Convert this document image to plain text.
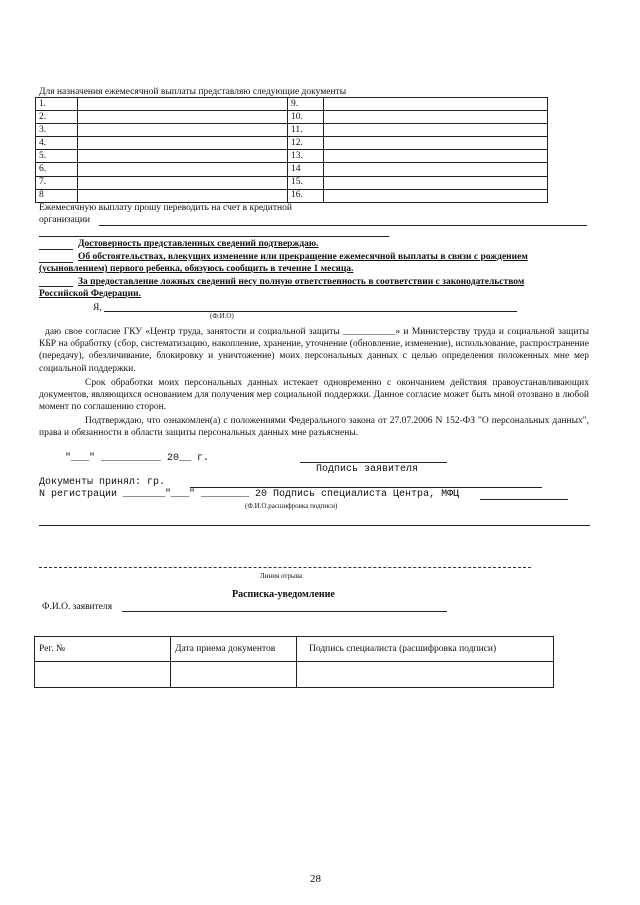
Для назначения ежемесячной выплаты представляю следующие документы
1.		9.	
2.		10.	
3.		11.	
4.		12.	
5.		13.	
6.		14	
7.		15.	
8		16.	
Ежемесячную выплату прошу переводить на счет в кредитной
организации
Достоверность представленных сведений подтверждаю.
Об обстоятельствах, влекущих изменение или прекращение ежемесячной выплаты в связи с рождением
(усыновлением) первого ребенка, обязуюсь сообщить в течение 1 месяца.
За предоставление ложных сведений несу полную ответственность в соответствии с законодательством
Российской Федерации.
Я,
(Ф.И.О)
даю свое согласие ГКУ «Центр труда, занятости и социальной защиты ___________» и Министерству труда и социальной защиты КБР на обработку (сбор, систематизацию, накопление, хранение, уточнение (обновление, изменение), использование, распространение (передачу), обезличивание, блокировку и уничтожение) моих персональных данных с целью определения положенных мне мер социальной поддержки.
Срок обработки моих персональных данных истекает одновременно с окончанием действия правоустанавливающих документов, являющихся основанием для получения мер социальной поддержки. Данное согласие может быть мной отозвано в любой момент по соглашению сторон.
Подтверждаю, что ознакомлен(а) с положениями Федерального закона от 27.07.2006 N 152-ФЗ "О персональных данных", права и обязанности в области защиты персональных данных мне разъяснены.
"___" __________ 20__ г.
Подпись заявителя
Документы принял: гр.
N регистрации _______"___" ________ 20 Подпись специалиста Центра, МФЦ
(Ф.И.О.расшифровка подписи)
Линия отрыва
Расписка-уведомление
Ф.И.О. заявителя
Рег. №	Дата приема документов	Подпись специалиста (расшифровка подписи)

28
